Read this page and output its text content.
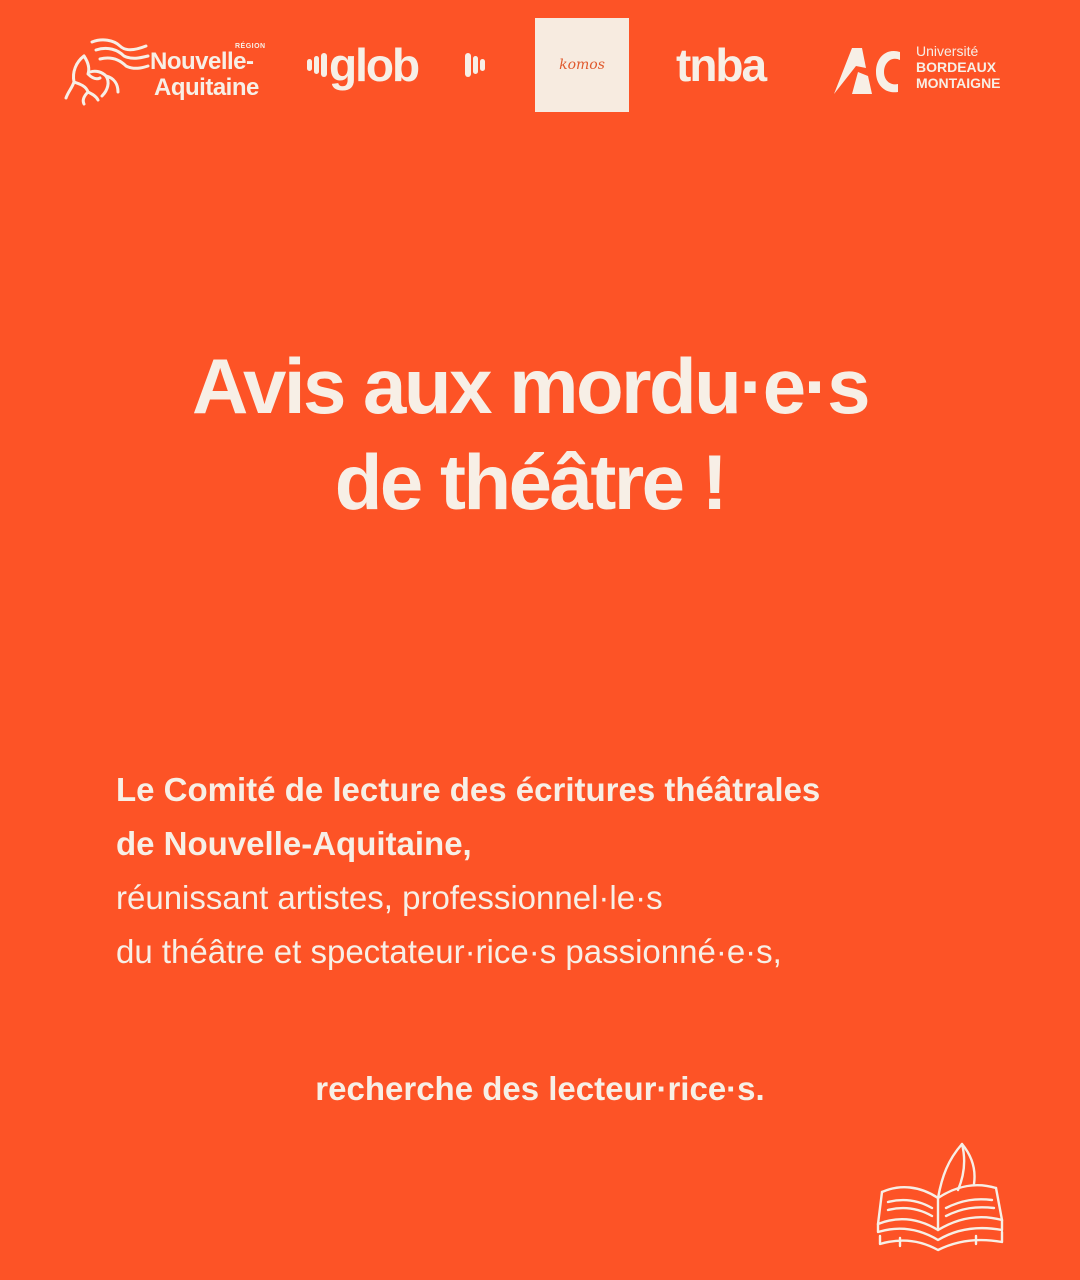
RÉGION
Nouvelle-
Aquitaine glob	komos tnba	Université
BORDEAUX
MONTAIGNE
Avis aux mordu·e·s
de théâtre !
Le Comité de lecture des écritures théâtrales
de Nouvelle-Aquitaine,
réunissant artistes, professionnel·le·s
du théâtre et spectateur·rice·s passionné·e·s,
recherche des lecteur·rice·s.
